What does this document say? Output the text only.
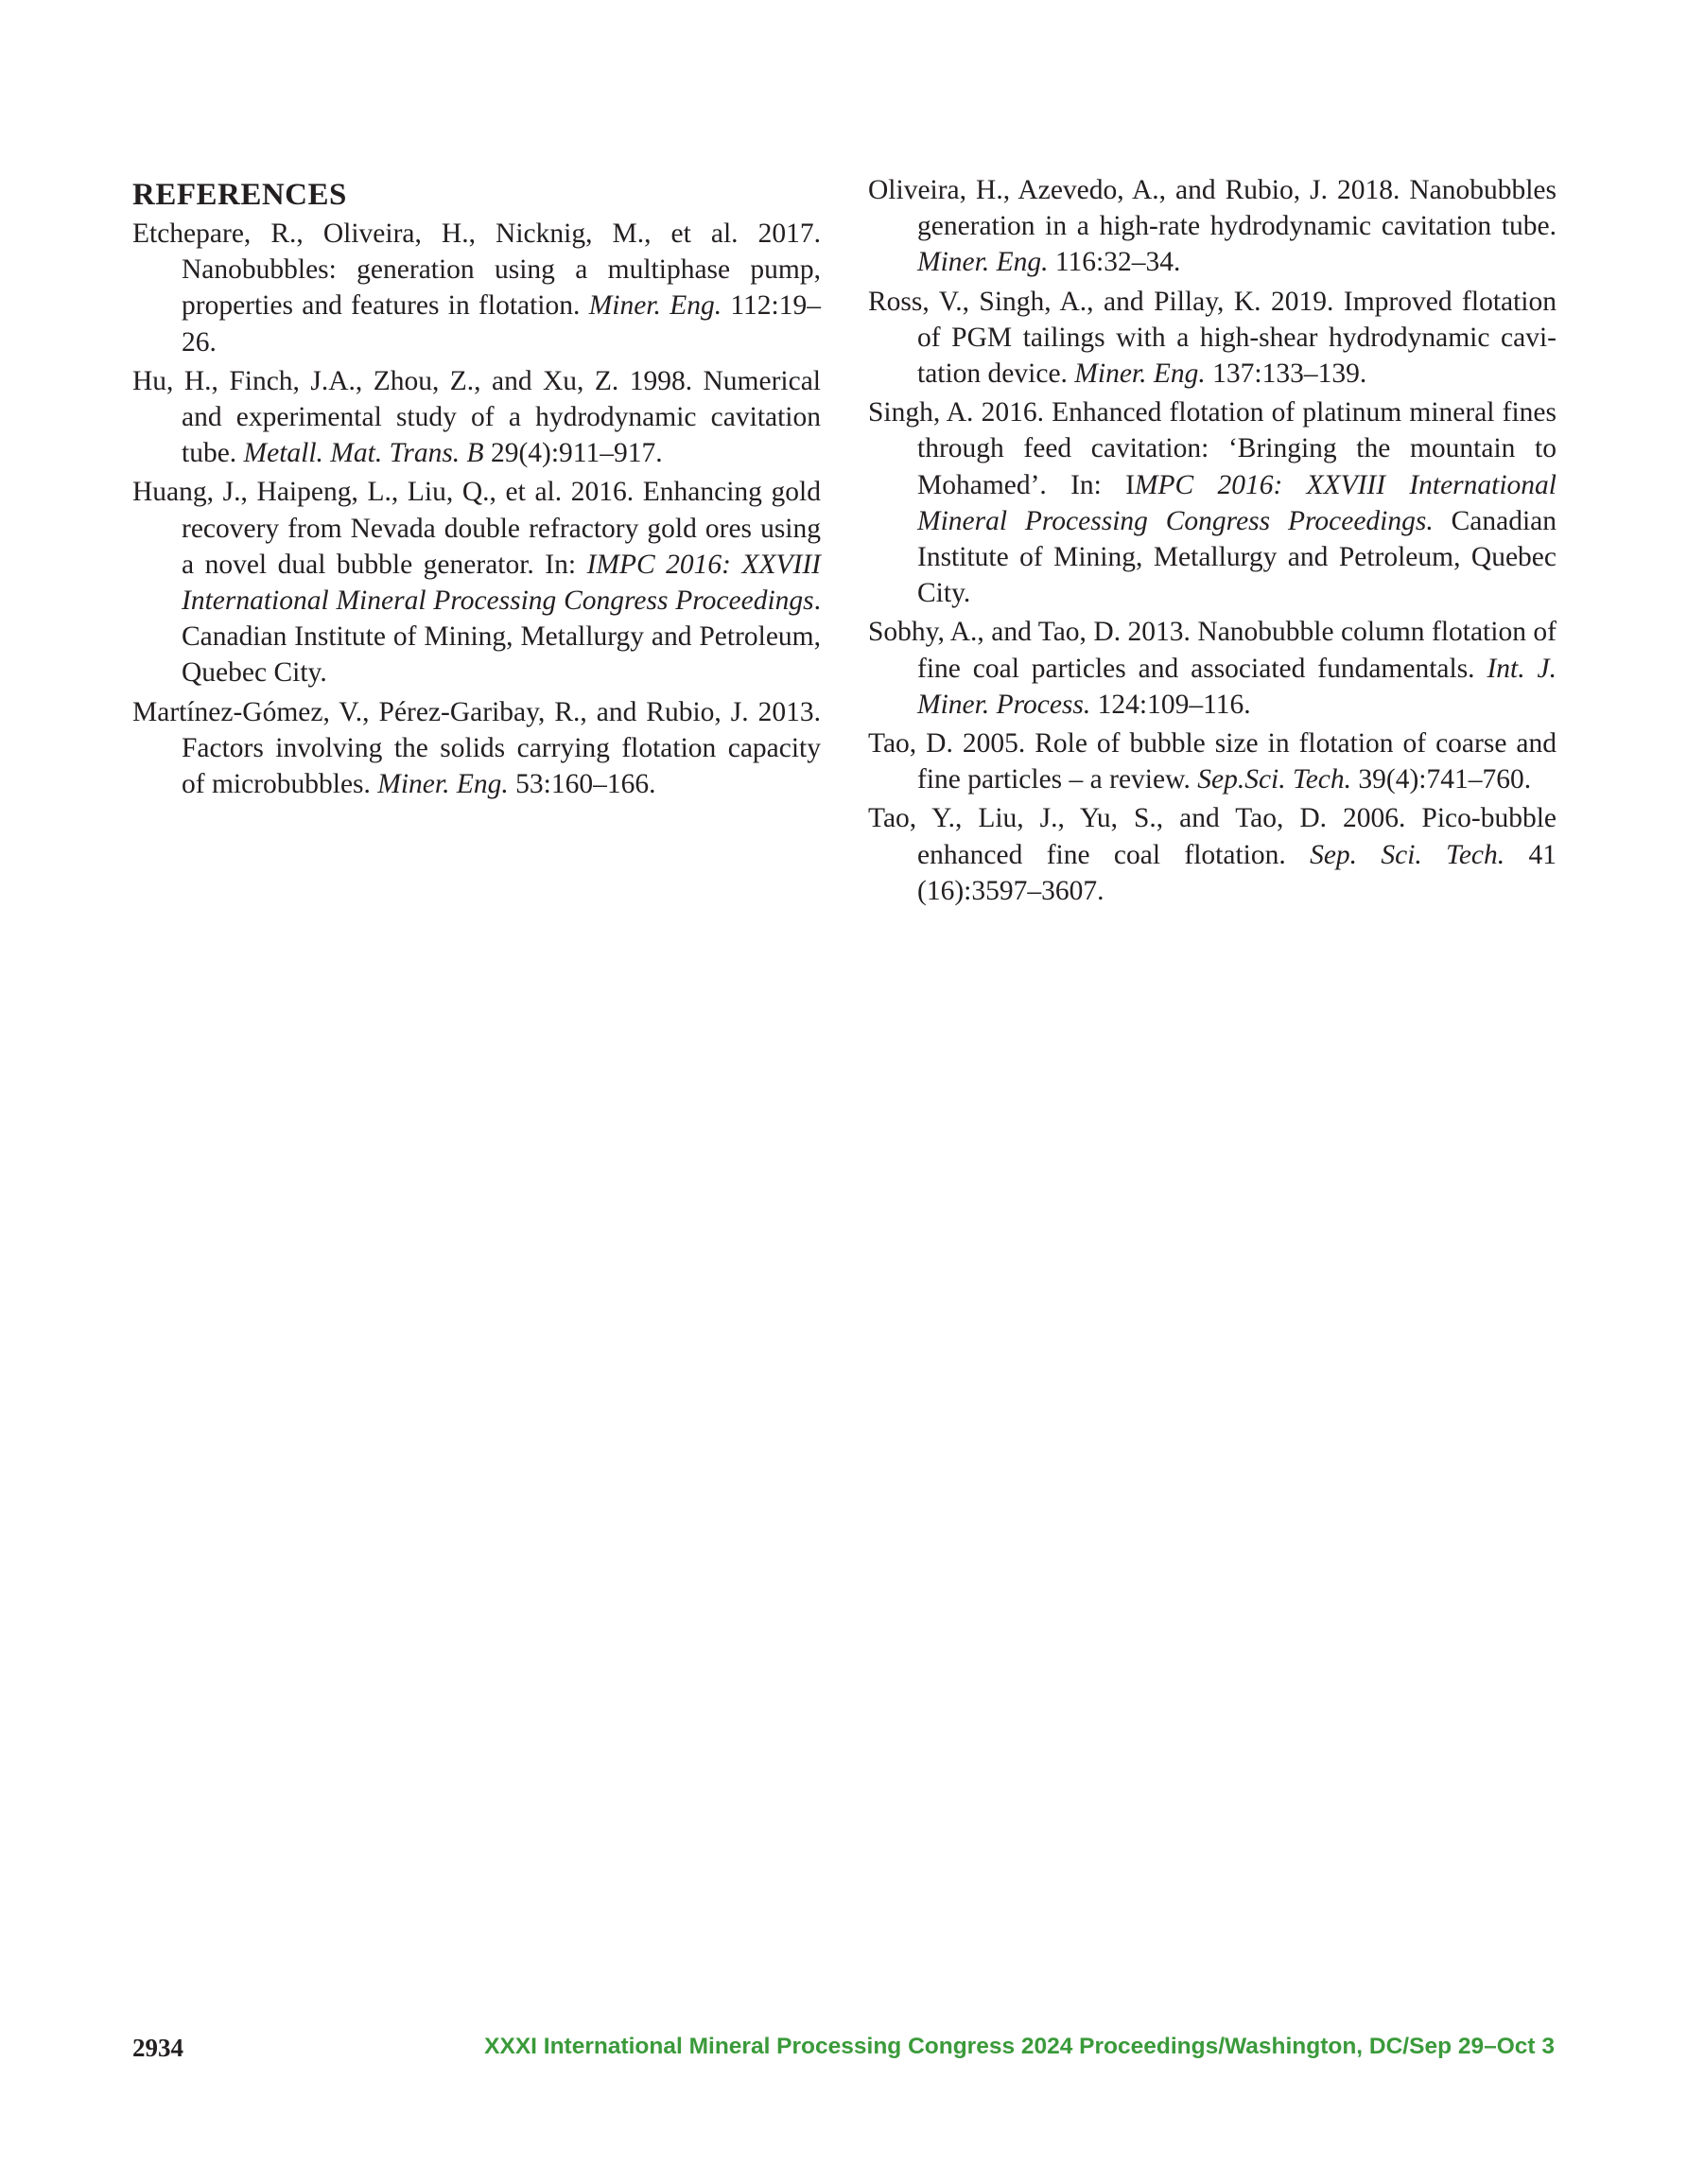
REFERENCES

Etchepare, R., Oliveira, H., Nicknig, M., et al. 2017. Nanobubbles: generation using a multiphase pump, properties and features in flotation. Miner. Eng. 112:19–26.

Hu, H., Finch, J.A., Zhou, Z., and Xu, Z. 1998. Numerical and experimental study of a hydrodynamic cavitation tube. Metall. Mat. Trans. B 29(4):911–917.

Huang, J., Haipeng, L., Liu, Q., et al. 2016. Enhancing gold recovery from Nevada double refractory gold ores using a novel dual bubble generator. In: IMPC 2016: XXVIII International Mineral Processing Congress Proceedings. Canadian Institute of Mining, Metallurgy and Petroleum, Quebec City.

Martínez-Gómez, V., Pérez-Garibay, R., and Rubio, J. 2013. Factors involving the solids carrying flotation capacity of microbubbles. Miner. Eng. 53:160–166.

Oliveira, H., Azevedo, A., and Rubio, J. 2018. Nanobubbles generation in a high-rate hydrodynamic cavitation tube. Miner. Eng. 116:32–34.

Ross, V., Singh, A., and Pillay, K. 2019. Improved flotation of PGM tailings with a high-shear hydrodynamic cavitation device. Miner. Eng. 137:133–139.

Singh, A. 2016. Enhanced flotation of platinum mineral fines through feed cavitation: ‘Bringing the mountain to Mohamed’. In: IMPC 2016: XXVIII International Mineral Processing Congress Proceedings. Canadian Institute of Mining, Metallurgy and Petroleum, Quebec City.

Sobhy, A., and Tao, D. 2013. Nanobubble column flotation of fine coal particles and associated fundamentals. Int. J. Miner. Process. 124:109–116.

Tao, D. 2005. Role of bubble size in flotation of coarse and fine particles – a review. Sep.Sci. Tech. 39(4):741–760.

Tao, Y., Liu, J., Yu, S., and Tao, D. 2006. Pico-bubble enhanced fine coal flotation. Sep. Sci. Tech. 41 (16):3597–3607.

2934	XXXI International Mineral Processing Congress 2024 Proceedings/Washington, DC/Sep 29–Oct 3
